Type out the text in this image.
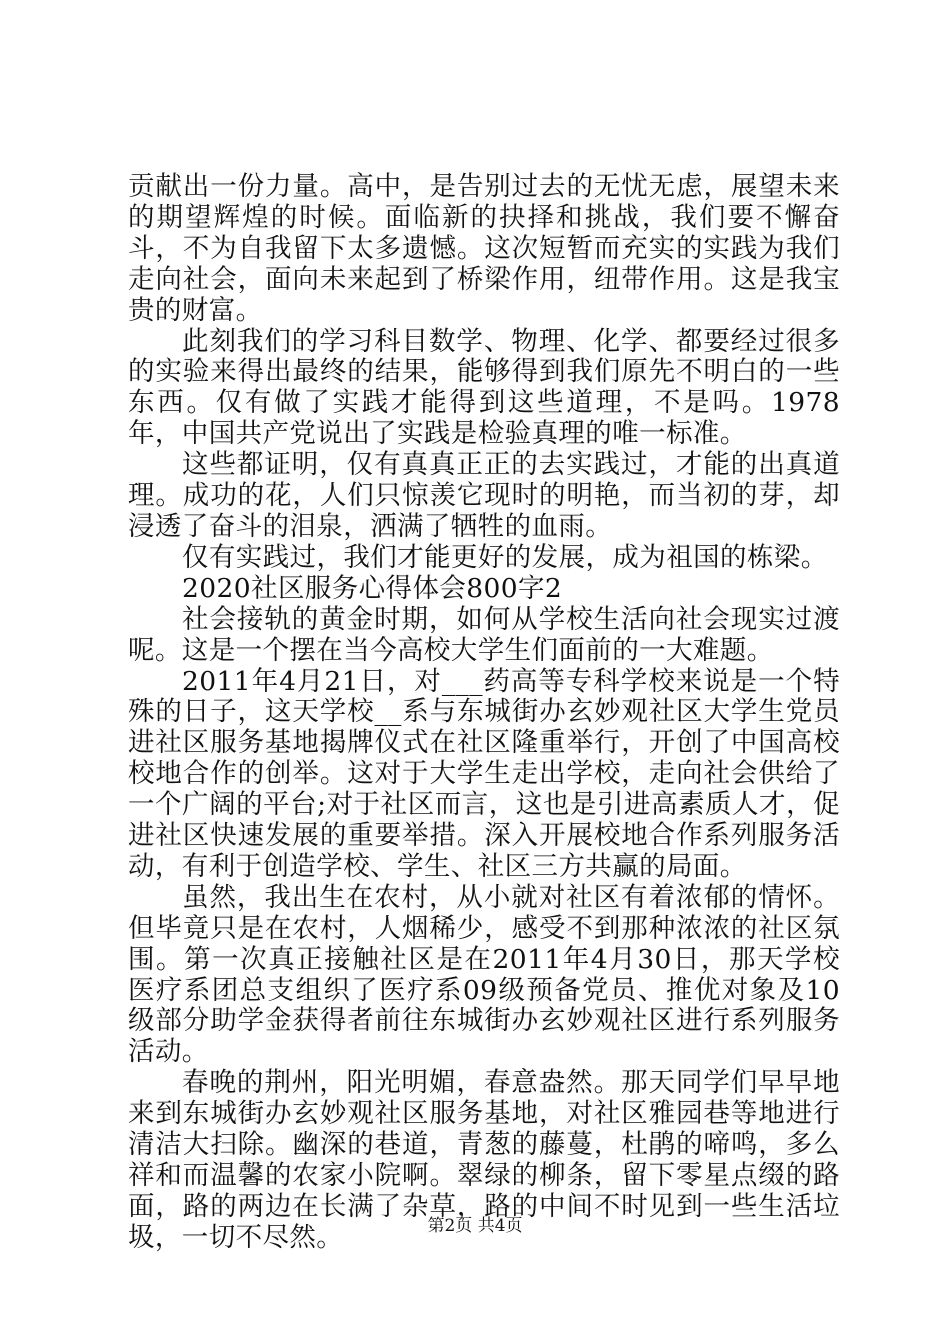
贡献出一份力量。高中，是告别过去的无忧无虑，展望未来的期望辉煌的时候。面临新的抉择和挑战，我们要不懈奋斗，不为自我留下太多遗憾。这次短暂而充实的实践为我们走向社会，面向未来起到了桥梁作用，纽带作用。这是我宝贵的财富。

此刻我们的学习科目数学、物理、化学、都要经过很多的实验来得出最终的结果，能够得到我们原先不明白的一些东西。仅有做了实践才能得到这些道理，不是吗。1978年，中国共产党说出了实践是检验真理的唯一标准。

这些都证明，仅有真真正正的去实践过，才能的出真道理。成功的花，人们只惊羡它现时的明艳，而当初的芽，却浸透了奋斗的泪泉，洒满了牺牲的血雨。

仅有实践过，我们才能更好的发展，成为祖国的栋梁。

2020社区服务心得体会800字2

社会接轨的黄金时期，如何从学校生活向社会现实过渡呢。这是一个摆在当今高校大学生们面前的一大难题。

2011年4月21日，对___药高等专科学校来说是一个特殊的日子，这天学校__系与东城街办玄妙观社区大学生党员进社区服务基地揭牌仪式在社区隆重举行，开创了中国高校校地合作的创举。这对于大学生走出学校，走向社会供给了一个广阔的平台;对于社区而言，这也是引进高素质人才，促进社区快速发展的重要举措。深入开展校地合作系列服务活动，有利于创造学校、学生、社区三方共赢的局面。

虽然，我出生在农村，从小就对社区有着浓郁的情怀。但毕竟只是在农村，人烟稀少，感受不到那种浓浓的社区氛围。第一次真正接触社区是在2011年4月30日，那天学校医疗系团总支组织了医疗系09级预备党员、推优对象及10级部分助学金获得者前往东城街办玄妙观社区进行系列服务活动。

春晚的荆州，阳光明媚，春意盎然。那天同学们早早地来到东城街办玄妙观社区服务基地，对社区雅园巷等地进行清洁大扫除。幽深的巷道，青葱的藤蔓，杜鹃的啼鸣，多么祥和而温馨的农家小院啊。翠绿的柳条，留下零星点缀的路面，路的两边在长满了杂草，路的中间不时见到一些生活垃圾，一切不尽然。	第2页 共4页
